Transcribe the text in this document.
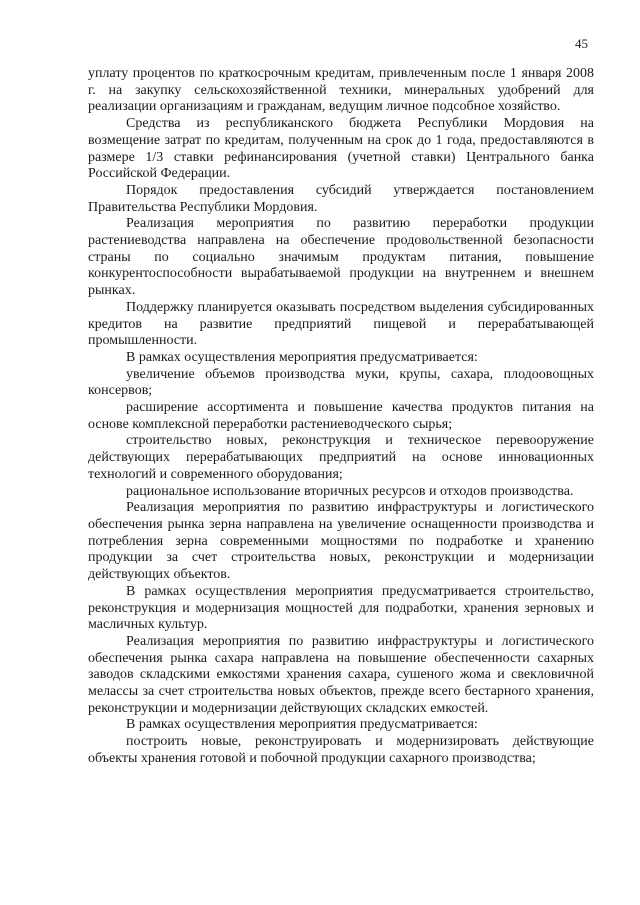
45

уплату процентов по краткосрочным кредитам, привлеченным после 1 января 2008 г. на закупку сельскохозяйственной техники, минеральных удобрений для реализации организациям и гражданам, ведущим личное подсобное хозяйство.

Средства из республиканского бюджета Республики Мордовия на возмещение затрат по кредитам, полученным на срок до 1 года, предоставляются в размере 1/3 ставки рефинансирования (учетной ставки) Центрального банка Российской Федерации.

Порядок предоставления субсидий утверждается постановлением Правительства Республики Мордовия.

Реализация мероприятия по развитию переработки продукции растениеводства направлена на обеспечение продовольственной безопасности страны по социально значимым продуктам питания, повышение конкурентоспособности вырабатываемой продукции на внутреннем и внешнем рынках.

Поддержку планируется оказывать посредством выделения субсидированных кредитов на развитие предприятий пищевой и перерабатывающей промышленности.

В рамках осуществления мероприятия предусматривается:

увеличение объемов производства муки, крупы, сахара, плодоовощных консервов;

расширение ассортимента и повышение качества продуктов питания на основе комплексной переработки растениеводческого сырья;

строительство новых, реконструкция и техническое перевооружение действующих перерабатывающих предприятий на основе инновационных технологий и современного оборудования;

рациональное использование вторичных ресурсов и отходов производства.

Реализация мероприятия по развитию инфраструктуры и логистического обеспечения рынка зерна направлена на увеличение оснащенности производства и потребления зерна современными мощностями по подработке и хранению продукции за счет строительства новых, реконструкции и модернизации действующих объектов.

В рамках осуществления мероприятия предусматривается строительство, реконструкция и модернизация мощностей для подработки, хранения зерновых и масличных культур.

Реализация мероприятия по развитию инфраструктуры и логистического обеспечения рынка сахара направлена на повышение обеспеченности сахарных заводов складскими емкостями хранения сахара, сушеного жома и свекловичной мелассы за счет строительства новых объектов, прежде всего бестарного хранения, реконструкции и модернизации действующих складских емкостей.

В рамках осуществления мероприятия предусматривается:

построить новые, реконструировать и модернизировать действующие объекты хранения готовой и побочной продукции сахарного производства;
